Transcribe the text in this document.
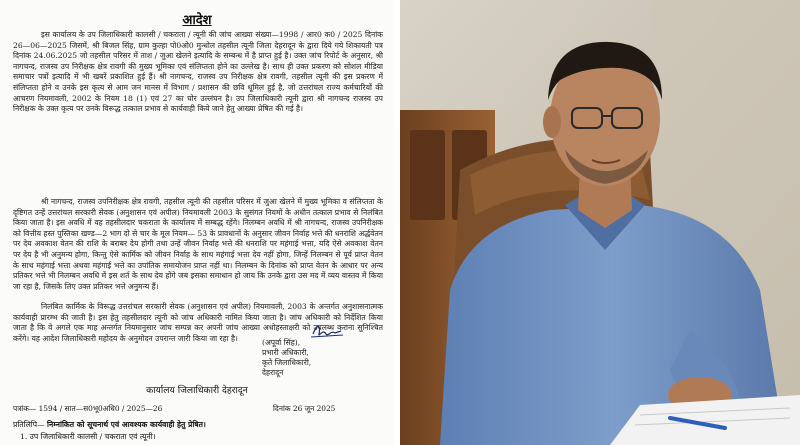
आदेश
इस कार्यालय के उप जिलाधिकारी कालसी / चकराता / त्यूनी की जांच आख्या संख्या—1998 / आर0 क0 / 2025 दिनांक 26—06—2025 जिसमें, श्री बिजल सिंह, ग्राम कुल्हा पो0ओ0 मुन्धोल तहसील त्यूनी जिला देहरादून के द्वारा दिये गये शिकायती पत्र दिनांक 24.06.2025 जो तहसील परिसर में ताश / जुआ खेलने इत्यादि के सम्बन्ध में है प्राप्त हुई है। उक्त जांच रिपोर्ट के अनुसार, श्री नागचन्द, राजस्व उप निरीक्षक क्षेत्र रावगी की मुख्य भूमिका एवं संलिप्तता होने का उल्लेख है। साथ ही उक्त प्रकरण को सोशल मीडिया समाचार पत्रों इत्यादि में भी खबरें प्रकाशित हुई हैं। श्री नागचन्द, राजस्व उप निरीक्षक क्षेत्र रावगी, तहसील त्यूनी की इस प्रकरण में संलिप्तता होने व उनके इस कृत्य से आम जन मानस में विभाग / प्रशासन की छवि धूमिल हुई है, जो उत्तरांचल राज्य कर्मचारियों की आचरण नियमावली, 2002 के नियम 18 (1) एवं 27 का घोर उल्लंघन है। उप जिलाधिकारी त्यूनी द्वारा श्री नागचन्द राजस्व उप निरीक्षक के उक्त कृत्य पर उनके विरूद्ध तत्काल प्रभाव से कार्यवाही किये जाने हेतु आख्या प्रेषित की गई है।
श्री नागचन्द, राजस्व उपनिरीक्षक क्षेत्र रावगी, तहसील त्यूनी की तहसील परिसर में जुआ खेलने में मुख्य भूमिका व संलिप्तता के दृष्टिगत उन्हें उत्तरांचल सरकारी सेवक (अनुशासन एवं अपील) नियमावली 2003 के सुसंगत नियमों के अधीन तत्काल प्रभाव से निलंबित किया जाता है। इस अवधि में वह तहसीलदार चकराता के कार्यालय में सम्बद्ध रहेंगे। निलम्बन अवधि में श्री नागचन्द, राजस्व उपनिरीक्षक को वित्तीय हस्त पुस्तिका खण्ड—2 भाग दो से चार के मूल नियम— 53 के प्रावधानों के अनुसार जीवन निर्वाह भत्ते की धनराशि अर्द्धवेतन पर देय अवकाश वेतन की राशि के बराबर देय होगी तथा उन्हें जीवन निर्वाह भत्ते की धनराशि पर महंगाई भत्ता, यदि ऐसे अवकाश वेतन पर देय है भी अनुमन्य होगा, किन्तु ऐसे कार्मिक को जीवन निर्वाह के साथ महंगाई भत्ता देय नहीं होगा, जिन्हें निलम्बन से पूर्व प्राप्त वेतन के साथ महंगाई भत्ता अथवा महंगाई भत्ते का उपांतिक समायोजन प्राप्त नहीं था। निलम्बन के दिनांक को प्राप्त वेतन के आधार पर अन्य प्रतिकर भत्ते भी निलम्बन अवधि में इस शर्त के साथ देय होंगे जब इसका समाधान हो जाय कि उनके द्वारा उस मद में व्यय वास्तव में किया जा रहा है, जिसके लिए उक्त प्रतिकर भत्ते अनुमन्य हैं।
निलंबित कार्मिक के विरूद्ध उत्तरांचल सरकारी सेवक (अनुशासन एवं अपील) नियमावली, 2003 के अन्तर्गत अनुशासनात्मक कार्यवाही प्रारम्भ की जाती है। इस हेतु तहसीलदार त्यूनी को जांच अधिकारी नामित किया जाता है। जांच अधिकारी को निर्देशित किया जाता है कि वे अगले एक माह अन्तर्गत नियमानुसार जांच सम्पन्न कर अपनी जांच आख्या अधोहस्ताक्षरी को उपलब्ध कराना सुनिश्चित करेंगे। यह आदेश जिलाधिकारी महोदय के अनुमोदन उपरान्त जारी किया जा रहा है।	(अपूर्वा सिंह),
प्रभारी अधिकारी,
कृते जिलाधिकारी,
देहरादून
कार्यालय जिलाधिकारी देहरादून
पत्रांक— 1594 / सात—स0भू0अधि0 / 2025—26	दिनांक 26 जून 2025
प्रतिलिपि— निम्नांकित को सूचनार्थ एवं आवश्यक कार्यवाही हेतु प्रेषित।
1. उप जिलाधिकारी कालसी / चकराता एवं त्यूनी।
